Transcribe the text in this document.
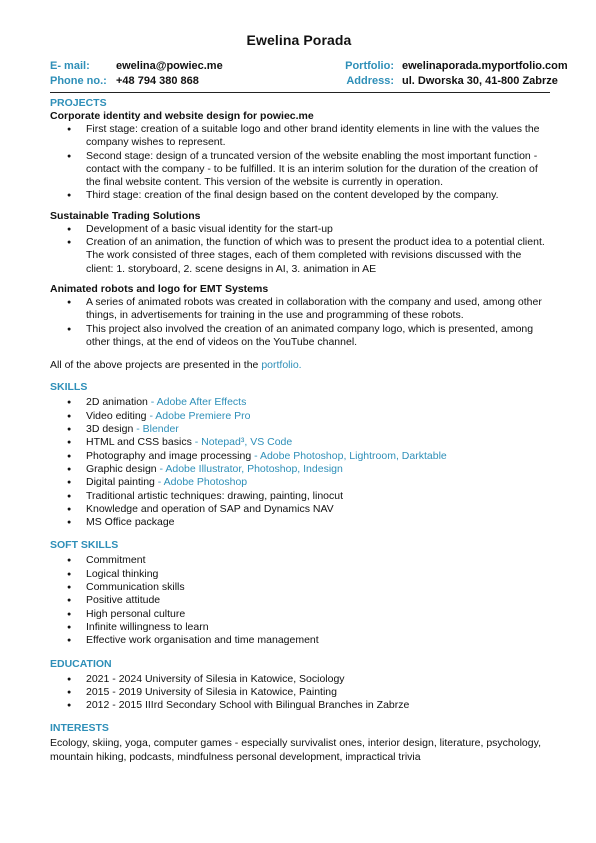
Ewelina Porada
E- mail:	ewelina@powiec.me	Portfolio: ewelinaporada.myportfolio.com
Phone no.: +48 794 380 868	Address: ul. Dworska 30, 41-800 Zabrze
PROJECTS
Corporate identity and website design for powiec.me
● First stage: creation of a suitable logo and other brand identity elements in line with the values the company wishes to represent.
● Second stage: design of a truncated version of the website enabling the most important function - contact with the company - to be fulfilled. It is an interim solution for the duration of the creation of the final website content. This version of the website is currently in operation.
● Third stage: creation of the final design based on the content developed by the company.
Sustainable Trading Solutions
● Development of a basic visual identity for the start-up
● Creation of an animation, the function of which was to present the product idea to a potential client. The work consisted of three stages, each of them completed with revisions discussed with the client: 1. storyboard, 2. scene designs in AI, 3. animation in AE
Animated robots and logo for EMT Systems
● A series of animated robots was created in collaboration with the company and used, among other things, in advertisements for training in the use and programming of these robots.
● This project also involved the creation of an animated company logo, which is presented, among other things, at the end of videos on the YouTube channel.

All of the above projects are presented in the portfolio.

SKILLS
● 2D animation - Adobe After Effects
● Video editing - Adobe Premiere Pro
● 3D design - Blender
● HTML and CSS basics - Notepad³, VS Code
● Photography and image processing - Adobe Photoshop, Lightroom, Darktable
● Graphic design - Adobe Illustrator, Photoshop, Indesign
● Digital painting - Adobe Photoshop
● Traditional artistic techniques: drawing, painting, linocut
● Knowledge and operation of SAP and Dynamics NAV
● MS Office package
SOFT SKILLS
● Commitment
● Logical thinking
● Communication skills
● Positive attitude
● High personal culture
● Infinite willingness to learn
● Effective work organisation and time management
EDUCATION
● 2021 - 2024 University of Silesia in Katowice, Sociology
● 2015 - 2019 University of Silesia in Katowice, Painting
● 2012 - 2015 IIIrd Secondary School with Bilingual Branches in Zabrze
INTERESTS

Ecology, skiing, yoga, computer games - especially survivalist ones, interior design, literature, psychology, mountain hiking, podcasts, mindfulness personal development, impractical trivia
